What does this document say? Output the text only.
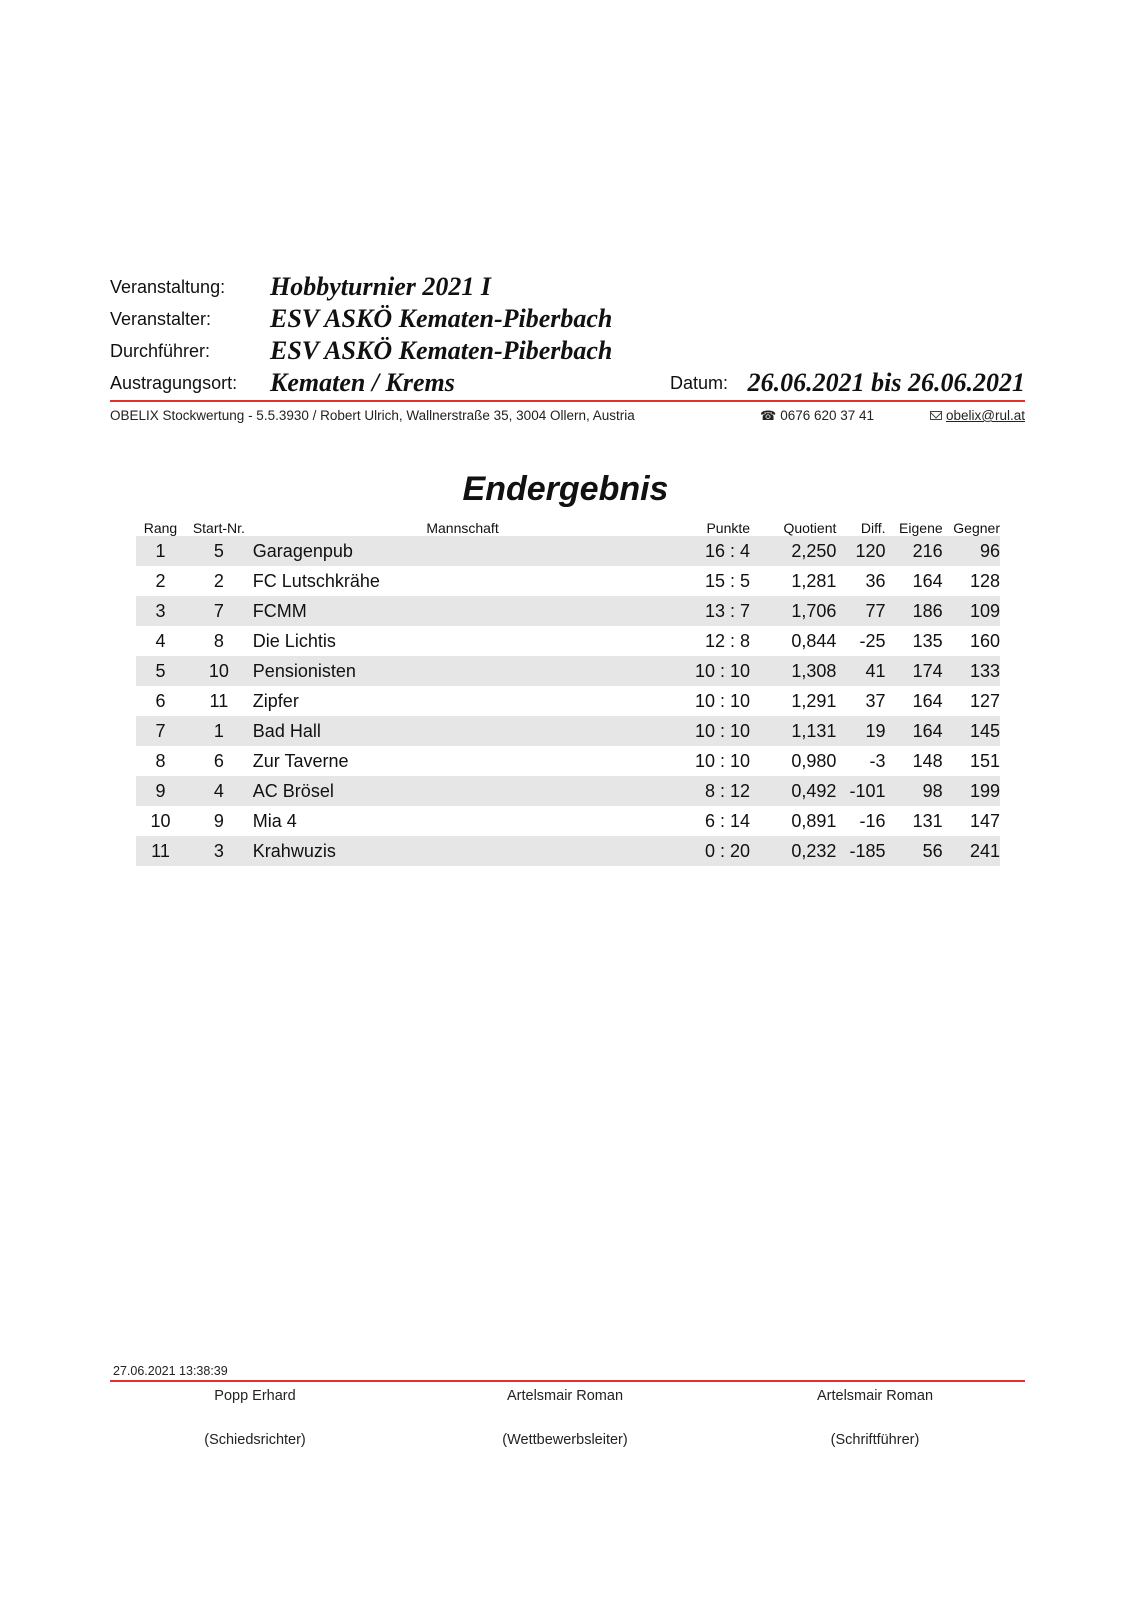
Veranstaltung: Hobbyturnier 2021 I
Veranstalter: ESV ASKÖ Kematen-Piberbach
Durchführer: ESV ASKÖ Kematen-Piberbach
Austragungsort: Kematen / Krems	Datum: 26.06.2021 bis 26.06.2021
OBELIX Stockwertung - 5.5.3930 / Robert Ulrich, Wallnerstraße 35, 3004 Ollern, Austria	☎ 0676 620 37 41	obelix@rul.at
Endergebnis
Rang	Start-Nr.	Mannschaft	Punkte	Quotient	Diff.	Eigene	Gegner
1	5	Garagenpub	16 : 4	2,250	120	216	96
2	2	FC Lutschkrähe	15 : 5	1,281	36	164	128
3	7	FCMM	13 : 7	1,706	77	186	109
4	8	Die Lichtis	12 : 8	0,844	-25	135	160
5	10	Pensionisten	10 : 10	1,308	41	174	133
6	11	Zipfer	10 : 10	1,291	37	164	127
7	1	Bad Hall	10 : 10	1,131	19	164	145
8	6	Zur Taverne	10 : 10	0,980	-3	148	151
9	4	AC Brösel	8 : 12	0,492	-101	98	199
10	9	Mia 4	6 : 14	0,891	-16	131	147
11	3	Krahwuzis	0 : 20	0,232	-185	56	241
27.06.2021 13:38:39
Popp Erhard
(Schiedsrichter)
Artelsmair Roman
(Wettbewerbsleiter)
Artelsmair Roman
(Schriftführer)
